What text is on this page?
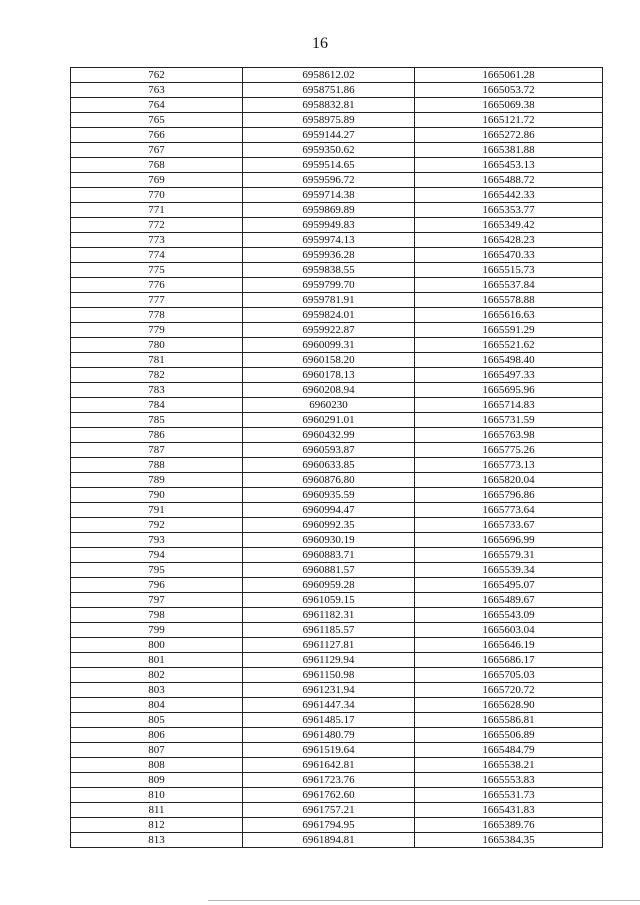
16
762	6958612.02	1665061.28
763	6958751.86	1665053.72
764	6958832.81	1665069.38
765	6958975.89	1665121.72
766	6959144.27	1665272.86
767	6959350.62	1665381.88
768	6959514.65	1665453.13
769	6959596.72	1665488.72
770	6959714.38	1665442.33
771	6959869.89	1665353.77
772	6959949.83	1665349.42
773	6959974.13	1665428.23
774	6959936.28	1665470.33
775	6959838.55	1665515.73
776	6959799.70	1665537.84
777	6959781.91	1665578.88
778	6959824.01	1665616.63
779	6959922.87	1665591.29
780	6960099.31	1665521.62
781	6960158.20	1665498.40
782	6960178.13	1665497.33
783	6960208.94	1665695.96
784	6960230	1665714.83
785	6960291.01	1665731.59
786	6960432.99	1665763.98
787	6960593.87	1665775.26
788	6960633.85	1665773.13
789	6960876.80	1665820.04
790	6960935.59	1665796.86
791	6960994.47	1665773.64
792	6960992.35	1665733.67
793	6960930.19	1665696.99
794	6960883.71	1665579.31
795	6960881.57	1665539.34
796	6960959.28	1665495.07
797	6961059.15	1665489.67
798	6961182.31	1665543.09
799	6961185.57	1665603.04
800	6961127.81	1665646.19
801	6961129.94	1665686.17
802	6961150.98	1665705.03
803	6961231.94	1665720.72
804	6961447.34	1665628.90
805	6961485.17	1665586.81
806	6961480.79	1665506.89
807	6961519.64	1665484.79
808	6961642.81	1665538.21
809	6961723.76	1665553.83
810	6961762.60	1665531.73
811	6961757.21	1665431.83
812	6961794.95	1665389.76
813	6961894.81	1665384.35
